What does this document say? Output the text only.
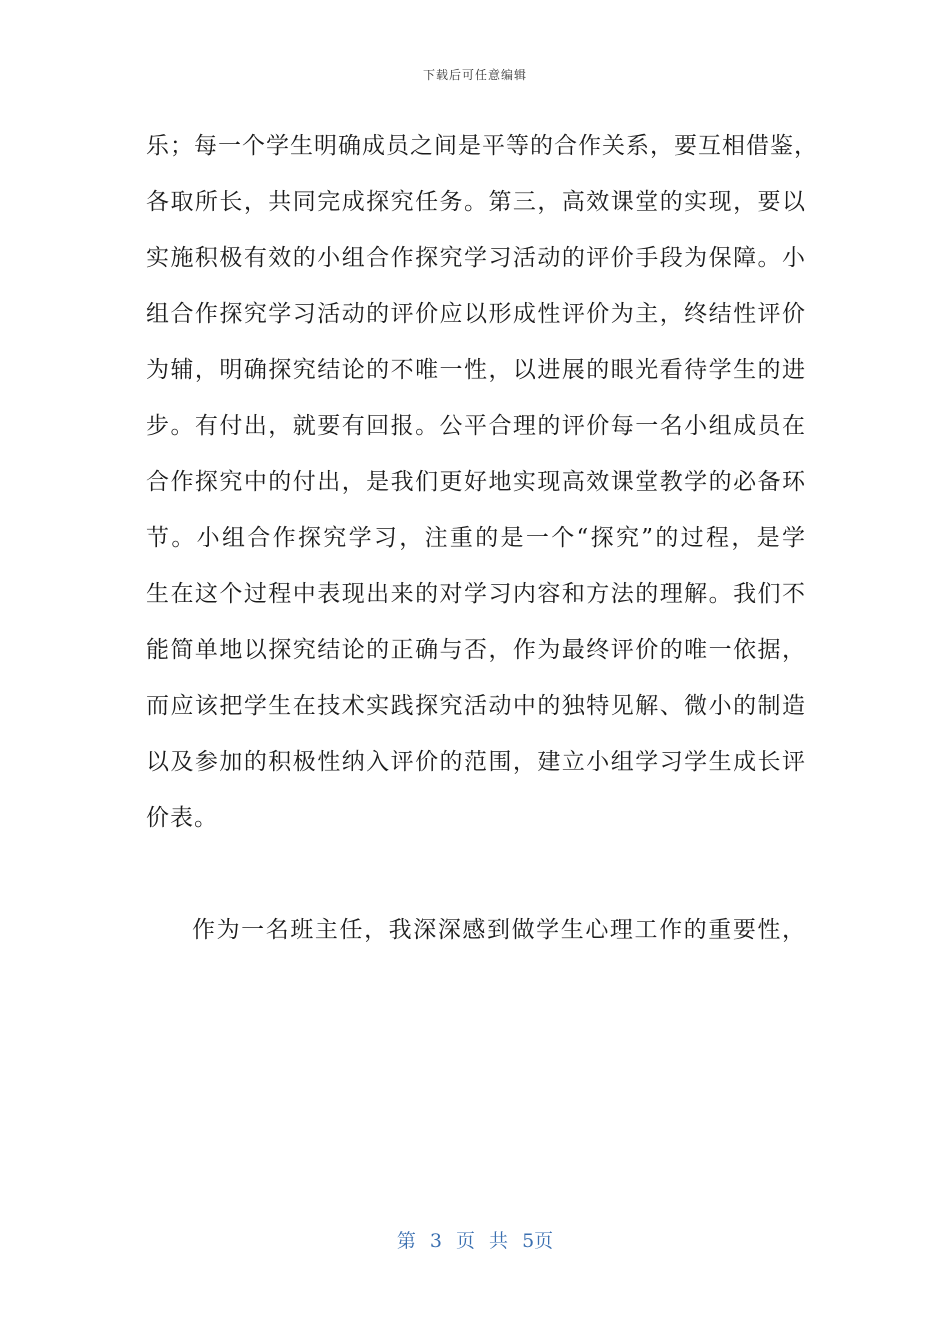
下载后可任意编辑
乐；每一个学生明确成员之间是平等的合作关系，要互相借鉴，
各取所长，共同完成探究任务。第三，高效课堂的实现，要以
实施积极有效的小组合作探究学习活动的评价手段为保障。小
组合作探究学习活动的评价应以形成性评价为主，终结性评价
为辅，明确探究结论的不唯一性，以进展的眼光看待学生的进
步。有付出，就要有回报。公平合理的评价每一名小组成员在
合作探究中的付出，是我们更好地实现高效课堂教学的必备环
节。小组合作探究学习，注重的是一个“探究”的过程，是学
生在这个过程中表现出来的对学习内容和方法的理解。我们不
能简单地以探究结论的正确与否，作为最终评价的唯一依据，
而应该把学生在技术实践探究活动中的独特见解、微小的制造
以及参加的积极性纳入评价的范围，建立小组学习学生成长评
价表。
作为一名班主任，我深深感到做学生心理工作的重要性，
第 3 页 共 5页
